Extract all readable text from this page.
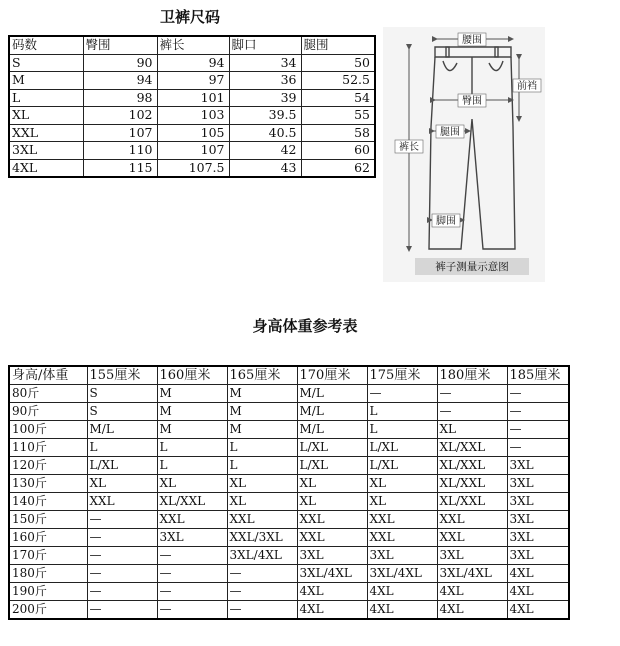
卫裤尺码
码数	臀围	裤长	脚口	腿围
S	90	94	34	50
M	94	97	36	52.5
L	98	101	39	54
XL	102	103	39.5	55
XXL	107	105	40.5	58
3XL	110	107	42	60
4XL	115	107.5	43	62
腰围
前裆
臀围
裤长
腿围
脚围
裤子测量示意图
身高体重参考表
身高/体重	155厘米	160厘米	165厘米	170厘米	175厘米	180厘米	185厘米
80斤	S	M	M	M/L	—	—	—
90斤	S	M	M	M/L	L	—	—
100斤	M/L	M	M	M/L	L	XL	—
110斤	L	L	L	L/XL	L/XL	XL/XXL	—
120斤	L/XL	L	L	L/XL	L/XL	XL/XXL	3XL
130斤	XL	XL	XL	XL	XL	XL/XXL	3XL
140斤	XXL	XL/XXL	XL	XL	XL	XL/XXL	3XL
150斤	—	XXL	XXL	XXL	XXL	XXL	3XL
160斤	—	3XL	XXL/3XL	XXL	XXL	XXL	3XL
170斤	—	—	3XL/4XL	3XL	3XL	3XL	3XL
180斤	—	—	—	3XL/4XL	3XL/4XL	3XL/4XL	4XL
190斤	—	—	—	4XL	4XL	4XL	4XL
200斤	—	—	—	4XL	4XL	4XL	4XL
